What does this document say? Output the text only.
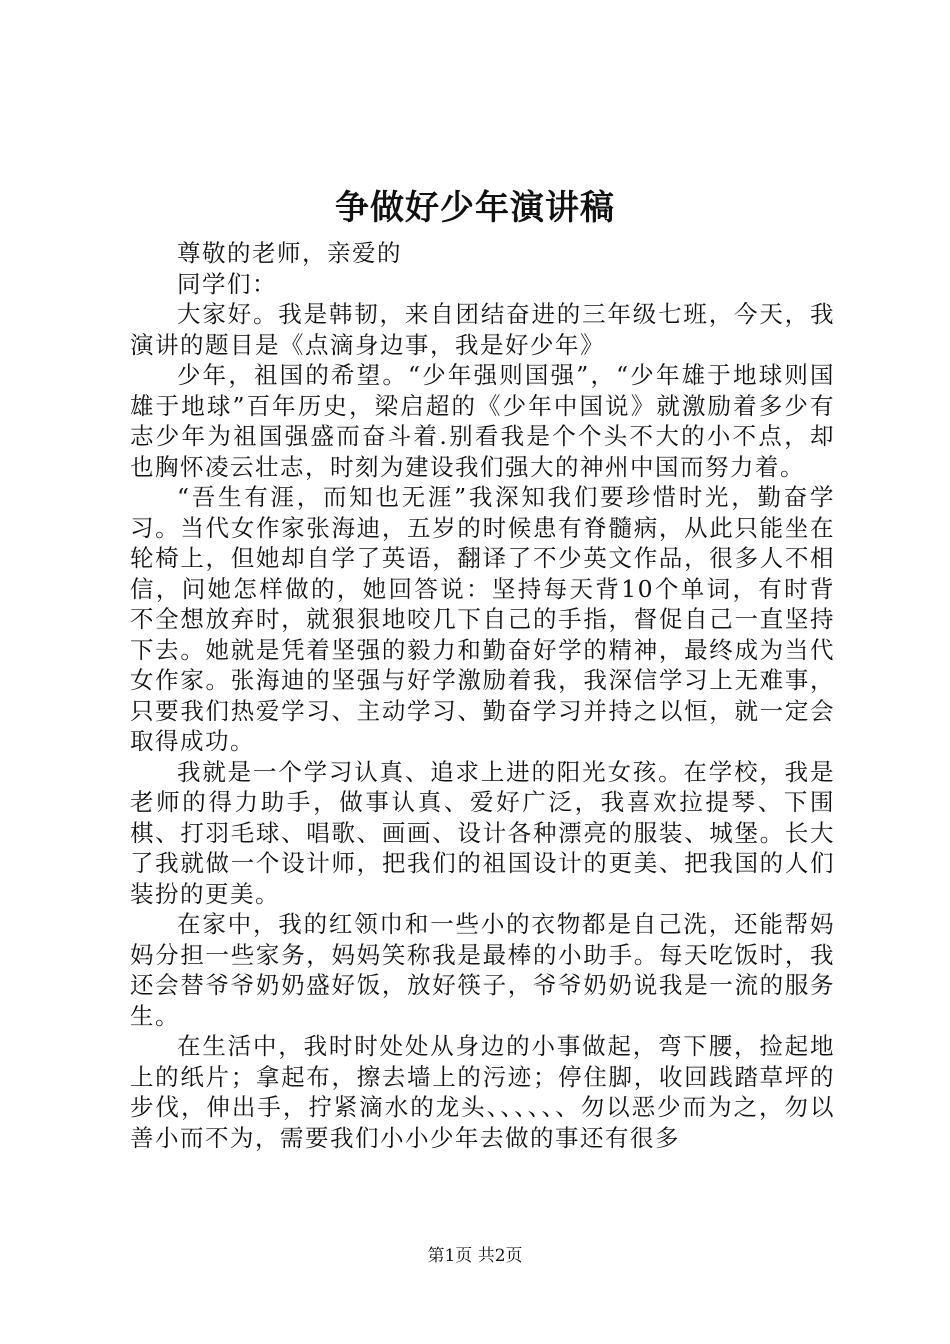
争做好少年演讲稿

尊敬的老师，亲爱的

同学们：

大家好。我是韩韧，来自团结奋进的三年级七班，今天，我演讲的题目是《点滴身边事，我是好少年》

少年，祖国的希望。“少年强则国强”，“少年雄于地球则国雄于地球”百年历史，梁启超的《少年中国说》就激励着多少有志少年为祖国强盛而奋斗着.别看我是个个头不大的小不点，却也胸怀凌云壮志，时刻为建设我们强大的神州中国而努力着。

“吾生有涯，而知也无涯”我深知我们要珍惜时光，勤奋学习。当代女作家张海迪，五岁的时候患有脊髓病，从此只能坐在轮椅上，但她却自学了英语，翻译了不少英文作品，很多人不相信，问她怎样做的，她回答说：坚持每天背10个单词，有时背不全想放弃时，就狠狠地咬几下自己的手指，督促自己一直坚持下去。她就是凭着坚强的毅力和勤奋好学的精神，最终成为当代女作家。张海迪的坚强与好学激励着我，我深信学习上无难事，只要我们热爱学习、主动学习、勤奋学习并持之以恒，就一定会取得成功。

我就是一个学习认真、追求上进的阳光女孩。在学校，我是老师的得力助手，做事认真、爱好广泛，我喜欢拉提琴、下围棋、打羽毛球、唱歌、画画、设计各种漂亮的服装、城堡。长大了我就做一个设计师，把我们的祖国设计的更美、把我国的人们装扮的更美。

在家中，我的红领巾和一些小的衣物都是自己洗，还能帮妈妈分担一些家务，妈妈笑称我是最棒的小助手。每天吃饭时，我还会替爷爷奶奶盛好饭，放好筷子，爷爷奶奶说我是一流的服务生。

在生活中，我时时处处从身边的小事做起，弯下腰，捡起地上的纸片；拿起布，擦去墙上的污迹；停住脚，收回践踏草坪的步伐，伸出手，拧紧滴水的龙头、、、、、、勿以恶少而为之，勿以善小而不为，需要我们小小少年去做的事还有很多

第1页 共2页
